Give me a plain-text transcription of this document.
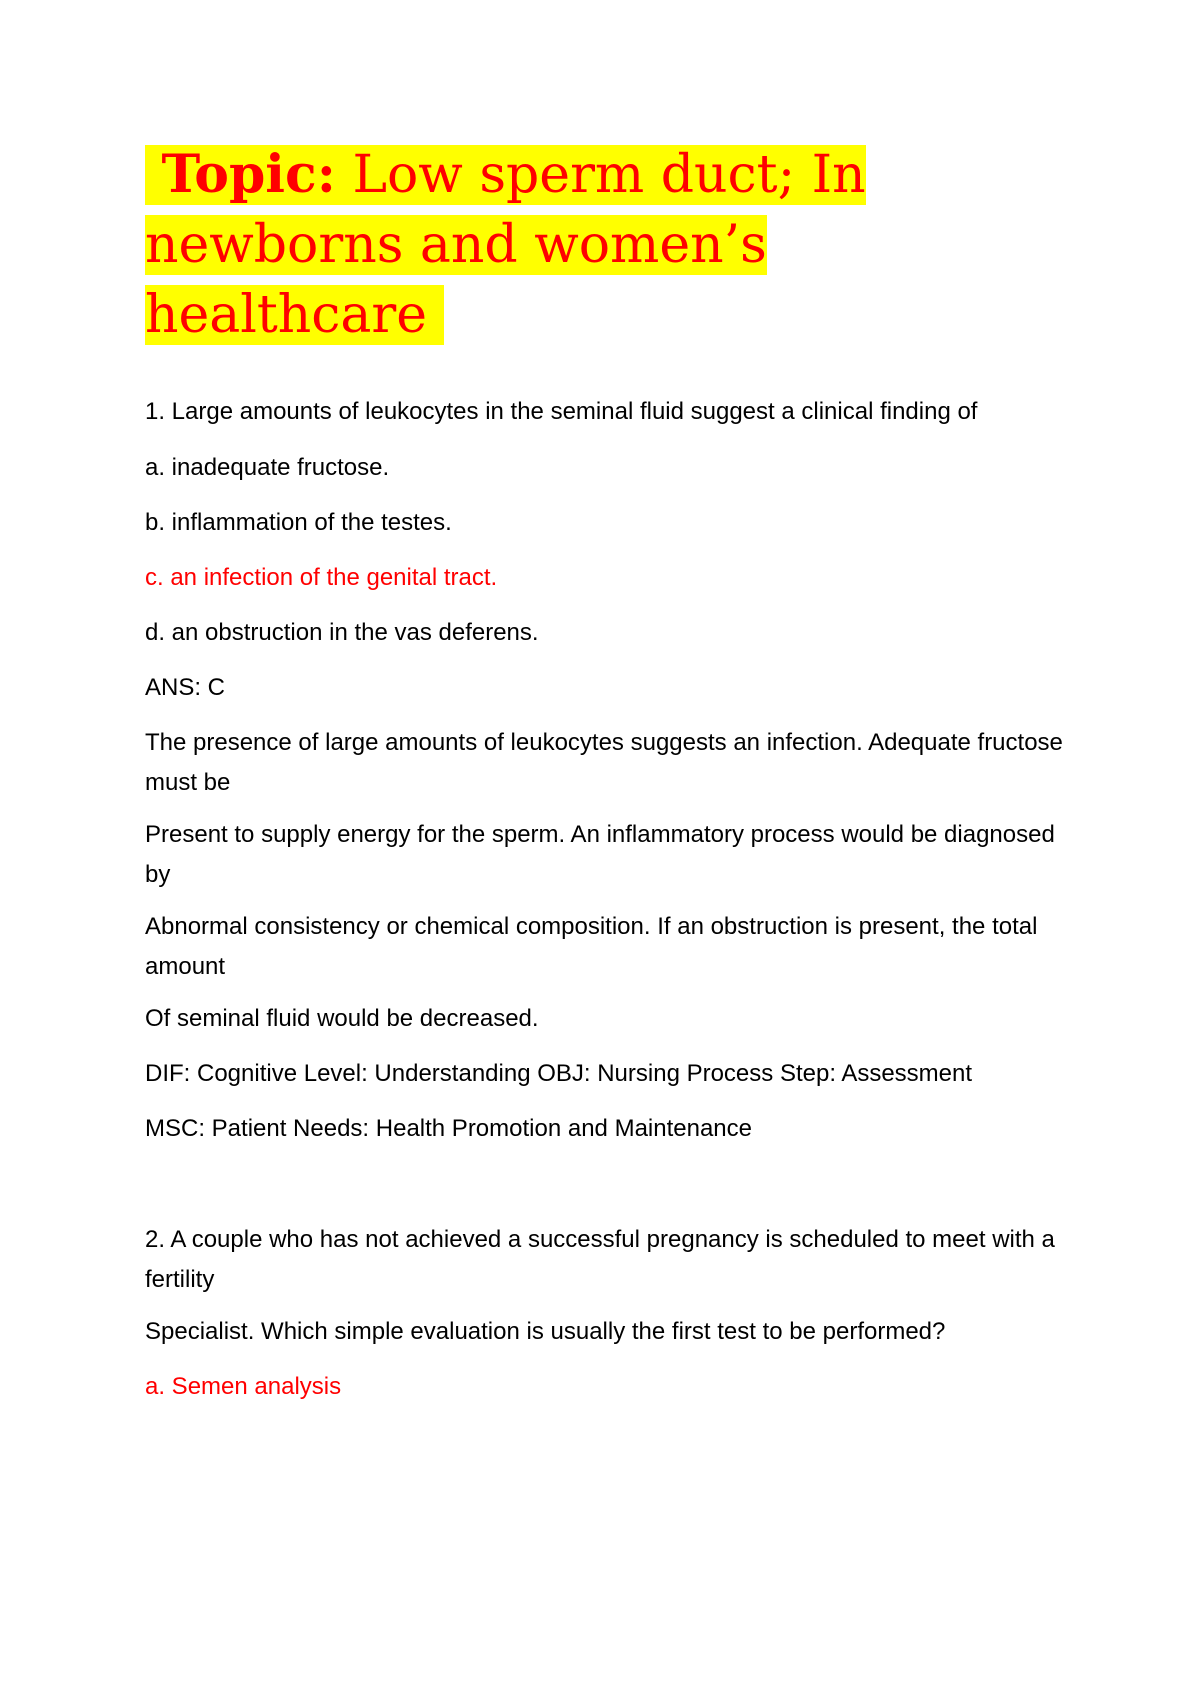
Topic: Low sperm duct; In newborns and women’s healthcare

1. Large amounts of leukocytes in the seminal fluid suggest a clinical finding of

a. inadequate fructose.

b. inflammation of the testes.

c. an infection of the genital tract.

d. an obstruction in the vas deferens.

ANS: C

The presence of large amounts of leukocytes suggests an infection. Adequate fructose must be

Present to supply energy for the sperm. An inflammatory process would be diagnosed by

Abnormal consistency or chemical composition. If an obstruction is present, the total amount

Of seminal fluid would be decreased.

DIF: Cognitive Level: Understanding OBJ: Nursing Process Step: Assessment

MSC: Patient Needs: Health Promotion and Maintenance

2. A couple who has not achieved a successful pregnancy is scheduled to meet with a fertility

Specialist. Which simple evaluation is usually the first test to be performed?

a. Semen analysis
